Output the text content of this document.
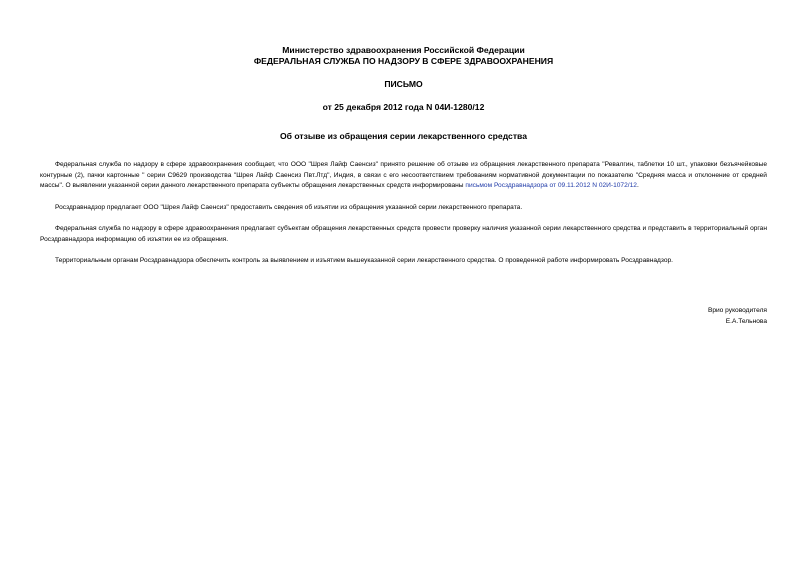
Министерство здравоохранения Российской Федерации
ФЕДЕРАЛЬНАЯ СЛУЖБА ПО НАДЗОРУ В СФЕРЕ ЗДРАВООХРАНЕНИЯ
ПИСЬМО
от 25 декабря 2012 года N 04И-1280/12
Об отзыве из обращения серии лекарственного средства

Федеральная служба по надзору в сфере здравоохранения сообщает, что ООО "Шрея Лайф Саенсиз" принято решение об отзыве из обращения лекарственного препарата "Ревалгин, таблетки 10 шт., упаковки безъячейковые контурные (2), пачки картонные " серии С9629 производства "Шрея Лайф Саенсиз Пвт.Лтд", Индия, в связи с его несоответствием требованиям нормативной документации по показателю "Средняя масса и отклонение от средней массы". О выявлении указанной серии данного лекарственного препарата субъекты обращения лекарственных средств информированы письмом Росздравнадзора от 09.11.2012 N 02И-1072/12.

Росздравнадзор предлагает ООО "Шрея Лайф Саенсиз" предоставить сведения об изъятии из обращения указанной серии лекарственного препарата.

Федеральная служба по надзору в сфере здравоохранения предлагает субъектам обращения лекарственных средств провести проверку наличия указанной серии лекарственного средства и представить в территориальный орган Росздравнадзора информацию об изъятии ее из обращения.

Территориальным органам Росздравнадзора обеспечить контроль за выявлением и изъятием вышеуказанной серии лекарственного средства. О проведенной работе информировать Росздравнадзор.

Врио руководителя
Е.А.Тельнова
